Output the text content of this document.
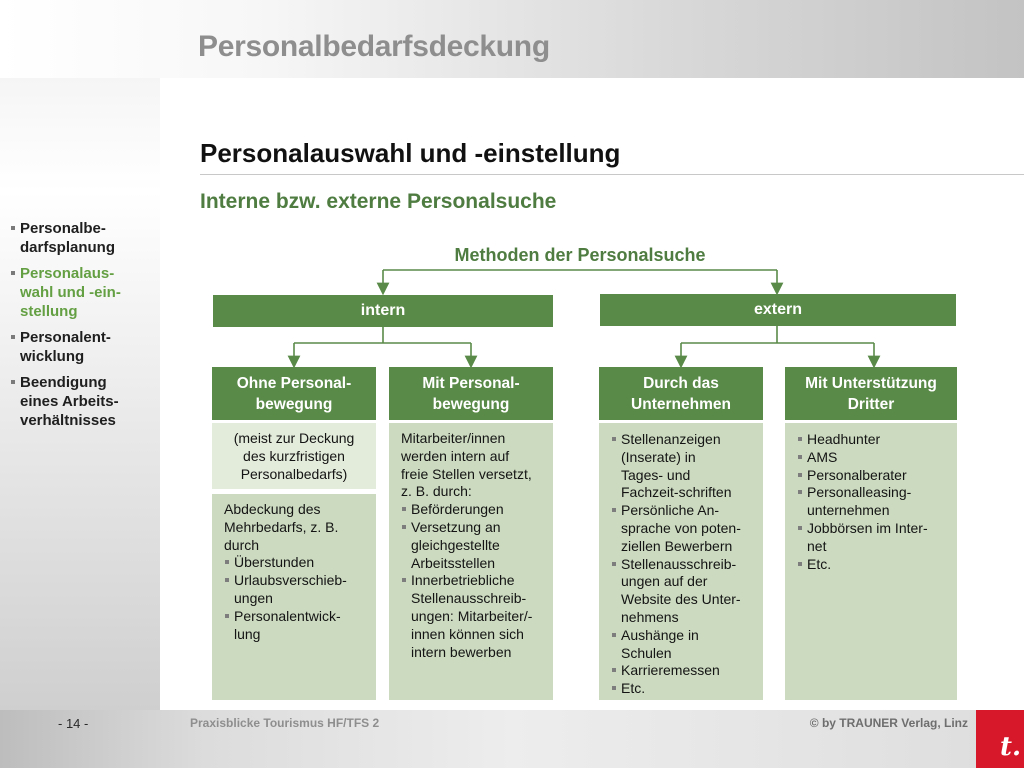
Personalbedarfsdeckung
Personalbe-
darfsplanung
Personalaus-
wahl und -ein-
stellung
Personalent-
wicklung
Beendigung
eines Arbeits-
verhältnisses
Personalauswahl und -einstellung
Interne bzw. externe Personalsuche
Methoden der Personalsuche
intern	extern
Ohne Personal-
bewegung
Mit Personal-
bewegung
Durch das
Unternehmen
Mit Unterstützung
Dritter
(meist zur Deckung
des kurzfristigen
Personalbedarfs)
Abdeckung des
Mehrbedarfs, z. B.
durch
Überstunden
Urlaubsverschieb-
ungen
Personalentwick-
lung
Mitarbeiter/innen
werden intern auf
freie Stellen versetzt,
z. B. durch:
Beförderungen
Versetzung an
gleichgestellte
Arbeitsstellen
Innerbetriebliche
Stellenausschreib-
ungen: Mitarbeiter/-
innen können sich
intern bewerben
Stellenanzeigen
(Inserate) in
Tages- und
Fachzeit-schriften
Persönliche An-
sprache von poten-
ziellen Bewerbern
Stellenausschreib-
ungen auf der
Website des Unter-
nehmens
Aushänge in
Schulen
Karrieremessen
Etc.
Headhunter
AMS
Personalberater
Personalleasing-
unternehmen
Jobbörsen im Inter-
net
Etc.
- 14 -	Praxisblicke Tourismus HF/TFS 2	© by TRAUNER Verlag, Linz
t.
